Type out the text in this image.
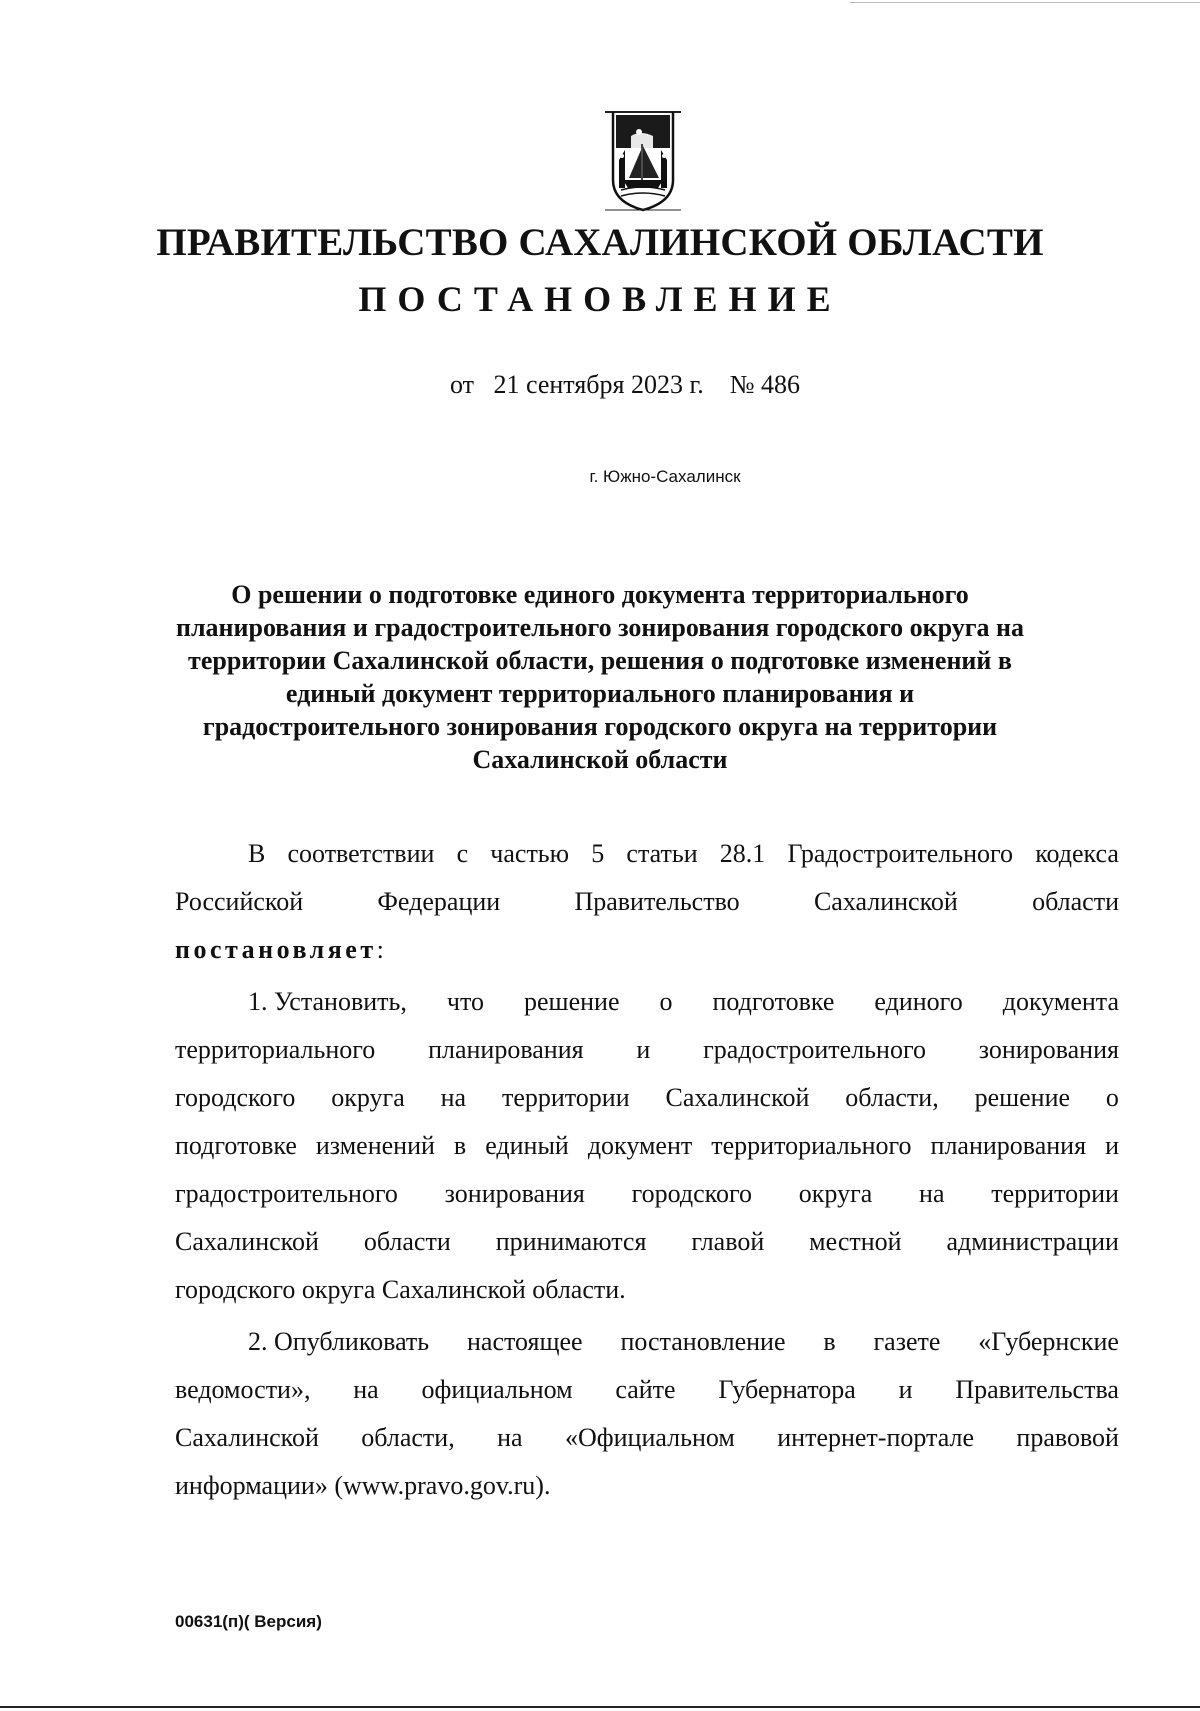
ПРАВИТЕЛЬСТВО САХАЛИНСКОЙ ОБЛАСТИ
ПОСТАНОВЛЕНИЕ
от 21 сентября 2023 г. № 486
г. Южно-Сахалинск
О решении о подготовке единого документа территориального
планирования и градостроительного зонирования городского округа на
территории Сахалинской области, решения о подготовке изменений в
единый документ территориального планирования и
градостроительного зонирования городского округа на территории
Сахалинской области
В соответствии с частью 5 статьи 28.1 Градостроительного кодекса
Российской	Федерации	Правительство	Сахалинской	области
постановляет:
1. Установить, что решение о подготовке единого документа
территориального планирования и градостроительного зонирования
городского округа на территории Сахалинской области, решение о
подготовке изменений в единый документ территориального планирования и
градостроительного зонирования городского округа на территории
Сахалинской области принимаются главой местной администрации
городского округа Сахалинской области.
2. Опубликовать настоящее постановление в газете «Губернские
ведомости», на официальном сайте Губернатора и Правительства
Сахалинской области, на «Официальном интернет-портале правовой
информации» (www.pravo.gov.ru).
00631(п)( Версия)
